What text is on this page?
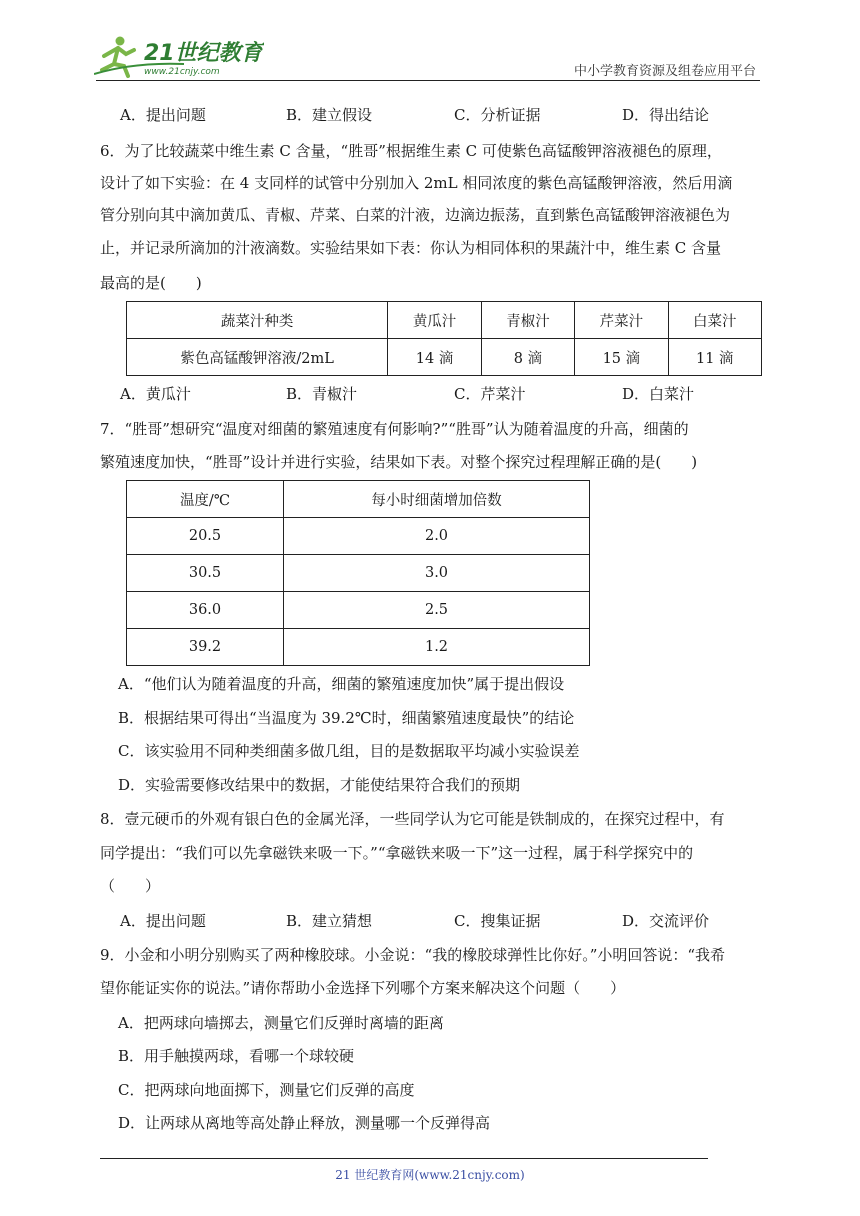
21世纪教育
www.21cnjy.com	中小学教育资源及组卷应用平台
A．提出问题	B．建立假设	C．分析证据	D．得出结论
6．为了比较蔬菜中维生素 C 含量，“胜哥”根据维生素 C 可使紫色高锰酸钾溶液褪色的原理，
设计了如下实验：在 4 支同样的试管中分别加入 2mL 相同浓度的紫色高锰酸钾溶液，然后用滴
管分别向其中滴加黄瓜、青椒、芹菜、白菜的汁液，边滴边振荡，直到紫色高锰酸钾溶液褪色为
止，并记录所滴加的汁液滴数。实验结果如下表：你认为相同体积的果蔬汁中，维生素 C 含量
最高的是(　　)
蔬菜汁种类	黄瓜汁	青椒汁	芹菜汁	白菜汁
紫色高锰酸钾溶液/2mL	14 滴	8 滴	15 滴	11 滴
A．黄瓜汁	B．青椒汁	C．芹菜汁	D．白菜汁
7．“胜哥”想研究“温度对细菌的繁殖速度有何影响?”“胜哥”认为随着温度的升高，细菌的
繁殖速度加快，“胜哥”设计并进行实验，结果如下表。对整个探究过程理解正确的是(　　)
温度/℃	每小时细菌增加倍数
20.5	2.0
30.5	3.0
36.0	2.5
39.2	1.2
A．“他们认为随着温度的升高，细菌的繁殖速度加快”属于提出假设
B．根据结果可得出“当温度为 39.2℃时，细菌繁殖速度最快”的结论
C．该实验用不同种类细菌多做几组，目的是数据取平均减小实验误差
D．实验需要修改结果中的数据，才能使结果符合我们的预期
8．壹元硬币的外观有银白色的金属光泽，一些同学认为它可能是铁制成的，在探究过程中，有
同学提出：“我们可以先拿磁铁来吸一下。”“拿磁铁来吸一下”这一过程，属于科学探究中的
（　　）
A．提出问题	B．建立猜想	C．搜集证据	D．交流评价
9．小金和小明分别购买了两种橡胶球。小金说：“我的橡胶球弹性比你好。”小明回答说：“我希
望你能证实你的说法。”请你帮助小金选择下列哪个方案来解决这个问题（　　）
A．把两球向墙掷去，测量它们反弹时离墙的距离
B．用手触摸两球，看哪一个球较硬
C．把两球向地面掷下，测量它们反弹的高度
D．让两球从离地等高处静止释放，测量哪一个反弹得高
21 世纪教育网(www.21cnjy.com)
